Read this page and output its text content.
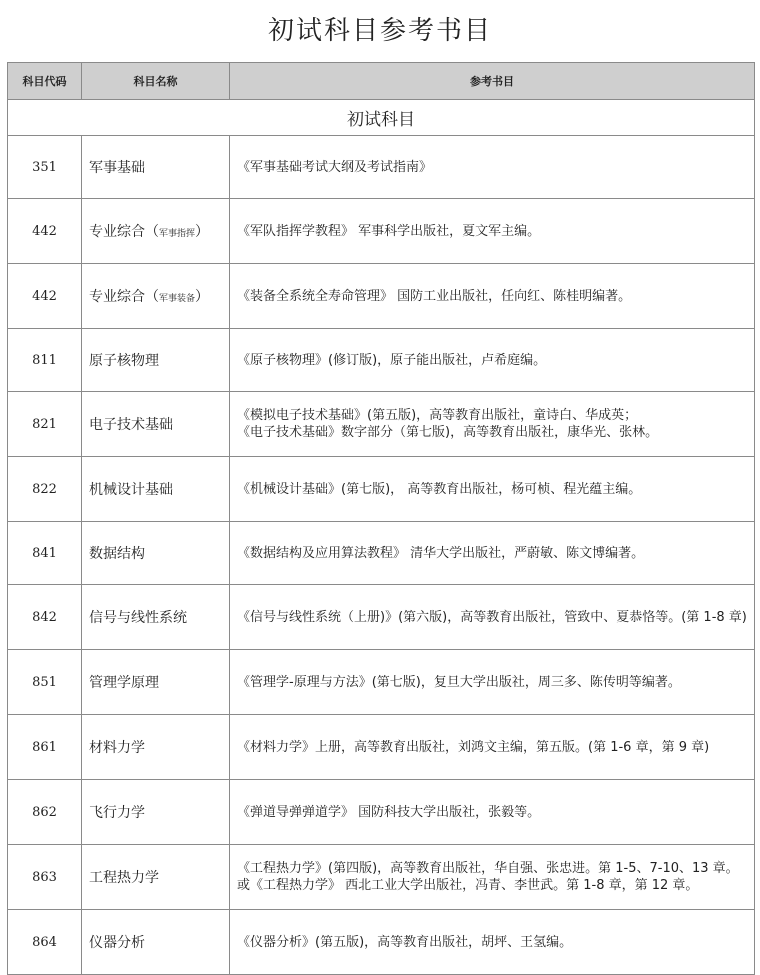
初试科目参考书目
科目代码	科目名称	参考书目
初试科目		
351	军事基础	《军事基础考试大纲及考试指南》
442	专业综合（军事指挥）	《军队指挥学教程》 军事科学出版社，夏文军主编。
442	专业综合（军事装备）	《装备全系统全寿命管理》 国防工业出版社，任向红、陈桂明编著。
811	原子核物理	《原子核物理》(修订版)，原子能出版社，卢希庭编。
821	电子技术基础	《模拟电子技术基础》(第五版)，高等教育出版社，童诗白、华成英；
《电子技术基础》数字部分（第七版)，高等教育出版社，康华光、张林。
822	机械设计基础	《机械设计基础》(第七版)， 高等教育出版社，杨可桢、程光蕴主编。
841	数据结构	《数据结构及应用算法教程》 清华大学出版社，严蔚敏、陈文博编著。
842	信号与线性系统	《信号与线性系统（上册)》(第六版)，高等教育出版社，管致中、夏恭恪等。(第 1-8 章)
851	管理学原理	《管理学-原理与方法》(第七版)，复旦大学出版社，周三多、陈传明等编著。
861	材料力学	《材料力学》上册，高等教育出版社，刘鸿文主编，第五版。(第 1-6 章，第 9 章)
862	飞行力学	《弹道导弹弹道学》 国防科技大学出版社，张毅等。
863	工程热力学	《工程热力学》(第四版)，高等教育出版社，华自强、张忠进。第 1-5、7-10、13 章。或《工程热力学》 西北工业大学出版社，冯青、李世武。第 1-8 章，第 12 章。
864	仪器分析	《仪器分析》(第五版)，高等教育出版社，胡坪、王氢编。
